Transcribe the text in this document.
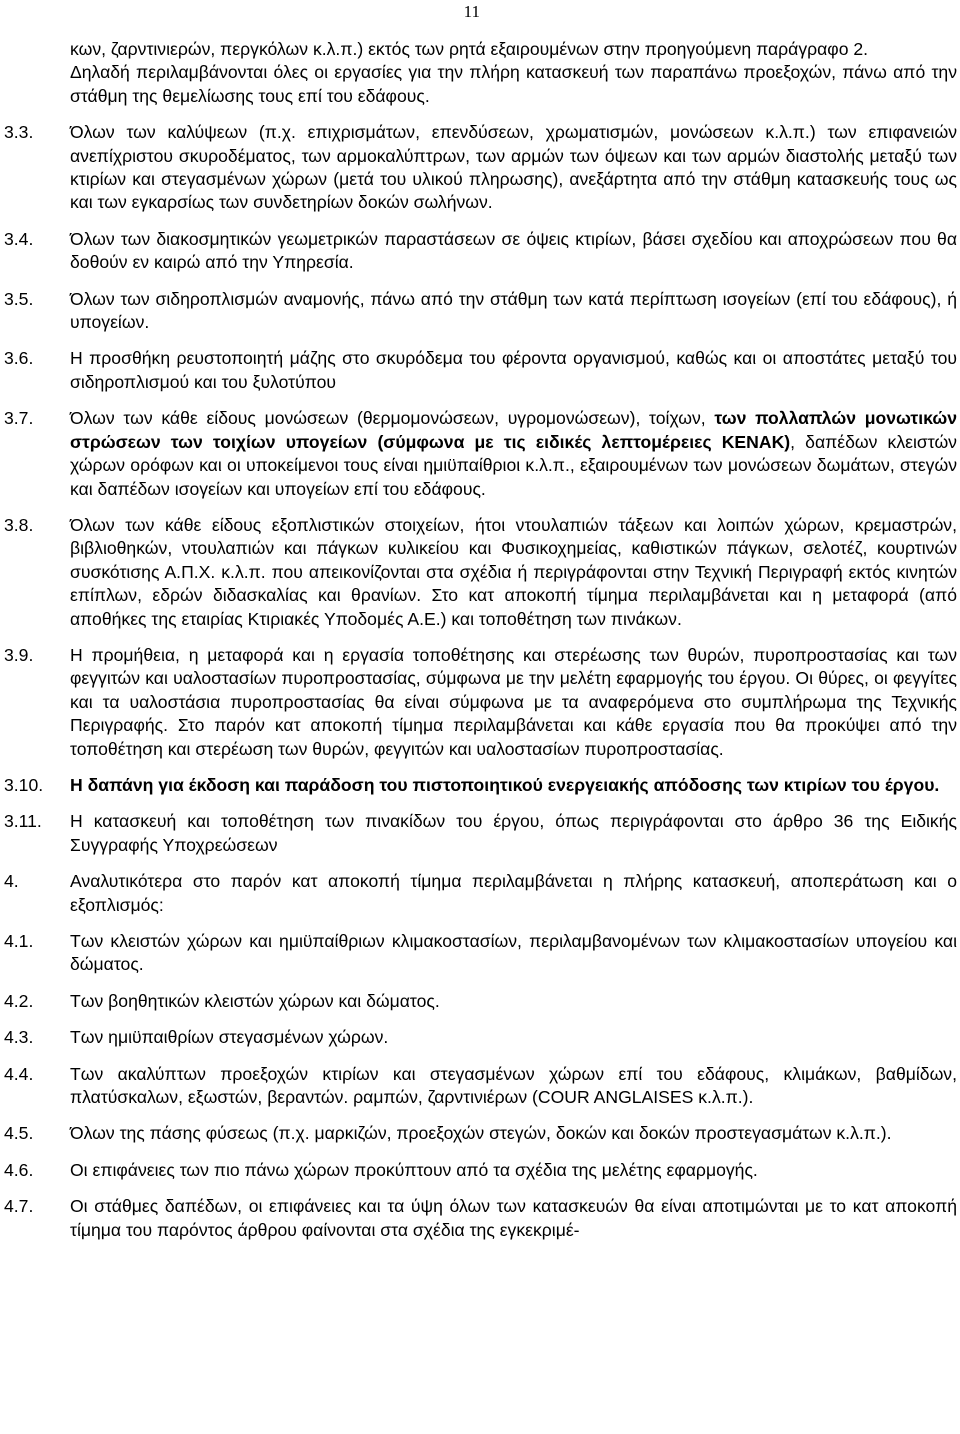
11
κων, ζαρντινιερών, περγκόλων κ.λ.π.) εκτός των ρητά εξαιρουμένων στην προηγούμενη παράγραφο 2.
Δηλαδή περιλαμβάνονται όλες οι εργασίες για την πλήρη κατασκευή των παραπάνω προεξοχών, πάνω από την στάθμη της θεμελίωσης τους επί του εδάφους.
3.3.	Όλων των καλύψεων (π.χ. επιχρισμάτων, επενδύσεων, χρωματισμών, μονώσεων κ.λ.π.) των επιφανειών ανεπίχριστου σκυροδέματος, των αρμοκαλύπτρων, των αρμών των όψεων και των αρμών διαστολής μεταξύ των κτιρίων και στεγασμένων χώρων (μετά του υλικού πληρωσης), ανεξάρτητα από την στάθμη κατασκευής τους ως και των εγκαρσίως των συνδετηρίων δοκών σωλήνων.
3.4.	Όλων των διακοσμητικών γεωμετρικών παραστάσεων σε όψεις κτιρίων, βάσει σχεδίου και αποχρώσεων που θα δοθούν εν καιρώ από την Υπηρεσία.
3.5.	Όλων των σιδηροπλισμών αναμονής, πάνω από την στάθμη των κατά περίπτωση ισογείων (επί του εδάφους), ή υπογείων.
3.6.	Η προσθήκη ρευστοποιητή μάζης στο σκυρόδεμα του φέροντα οργανισμού, καθώς και οι αποστάτες μεταξύ του σιδηροπλισμού και του ξυλοτύπου
3.7.	Όλων των κάθε είδους μονώσεων (θερμομονώσεων, υγρομονώσεων), τοίχων, των πολλαπλών μονωτικών στρώσεων των τοιχίων υπογείων (σύμφωνα με τις ειδικές λεπτομέρειες ΚΕΝΑΚ), δαπέδων κλειστών χώρων ορόφων και οι υποκείμενοι τους είναι ημιϋπαίθριοι κ.λ.π., εξαιρουμένων των μονώσεων δωμάτων, στεγών και δαπέδων ισογείων και υπογείων επί του εδάφους.
3.8.	Όλων των κάθε είδους εξοπλιστικών στοιχείων, ήτοι ντουλαπιών τάξεων και λοιπών χώρων, κρεμαστρών, βιβλιοθηκών, ντουλαπιών και πάγκων κυλικείου και Φυσικοχημείας, καθιστικών πάγκων, σελοτέζ, κουρτινών συσκότισης Α.Π.Χ. κ.λ.π. που απεικονίζονται στα σχέδια ή περιγράφονται στην Τεχνική Περιγραφή εκτός κινητών επίπλων, εδρών διδασκαλίας και θρανίων. Στο κατ αποκοπή τίμημα περιλαμβάνεται και η μεταφορά (από αποθήκες της εταιρίας Κτιριακές Υποδομές Α.Ε.) και τοποθέτηση των πινάκων.
3.9.	Η προμήθεια, η μεταφορά και η εργασία τοποθέτησης και στερέωσης των θυρών, πυροπροστασίας και των φεγγιτών και υαλοστασίων πυροπροστασίας, σύμφωνα με την μελέτη εφαρμογής του έργου. Οι θύρες, οι φεγγίτες και τα υαλοστάσια πυροπροστασίας θα είναι σύμφωνα με τα αναφερόμενα στο συμπλήρωμα της Τεχνικής Περιγραφής. Στο παρόν κατ αποκοπή τίμημα περιλαμβάνεται και κάθε εργασία που θα προκύψει από την τοποθέτηση και στερέωση των θυρών, φεγγιτών και υαλοστασίων πυροπροστασίας.
3.10.	Η δαπάνη για έκδοση και παράδοση του πιστοποιητικού ενεργειακής απόδοσης των κτιρίων του έργου.
3.11.	Η κατασκευή και τοποθέτηση των πινακίδων του έργου, όπως περιγράφονται στο άρθρο 36 της Ειδικής Συγγραφής Υποχρεώσεων
4.	Αναλυτικότερα στο παρόν κατ αποκοπή τίμημα περιλαμβάνεται η πλήρης κατασκευή, αποπεράτωση και ο εξοπλισμός:
4.1.	Των κλειστών χώρων και ημιϋπαίθριων κλιμακοστασίων, περιλαμβανομένων των κλιμακοστασίων υπογείου και δώματος.
4.2.	Των βοηθητικών κλειστών χώρων και δώματος.
4.3.	Των ημιϋπαιθρίων στεγασμένων χώρων.
4.4.	Των ακαλύπτων προεξοχών κτιρίων και στεγασμένων χώρων επί του εδάφους, κλιμάκων, βαθμίδων, πλατύσκαλων, εξωστών, βεραντών. ραμπών, ζαρντινιέρων (COUR ANGLAISES κ.λ.π.).
4.5.	Όλων της πάσης φύσεως (π.χ. μαρκιζών, προεξοχών στεγών, δοκών και δοκών προστεγασμάτων κ.λ.π.).
4.6.	Οι επιφάνειες των πιο πάνω χώρων προκύπτουν από τα σχέδια της μελέτης εφαρμογής.
4.7.	Οι στάθμες δαπέδων, οι επιφάνειες και τα ύψη όλων των κατασκευών θα είναι αποτιμώνται με το κατ αποκοπή τίμημα του παρόντος άρθρου φαίνονται στα σχέδια της εγκεκριμέ-
